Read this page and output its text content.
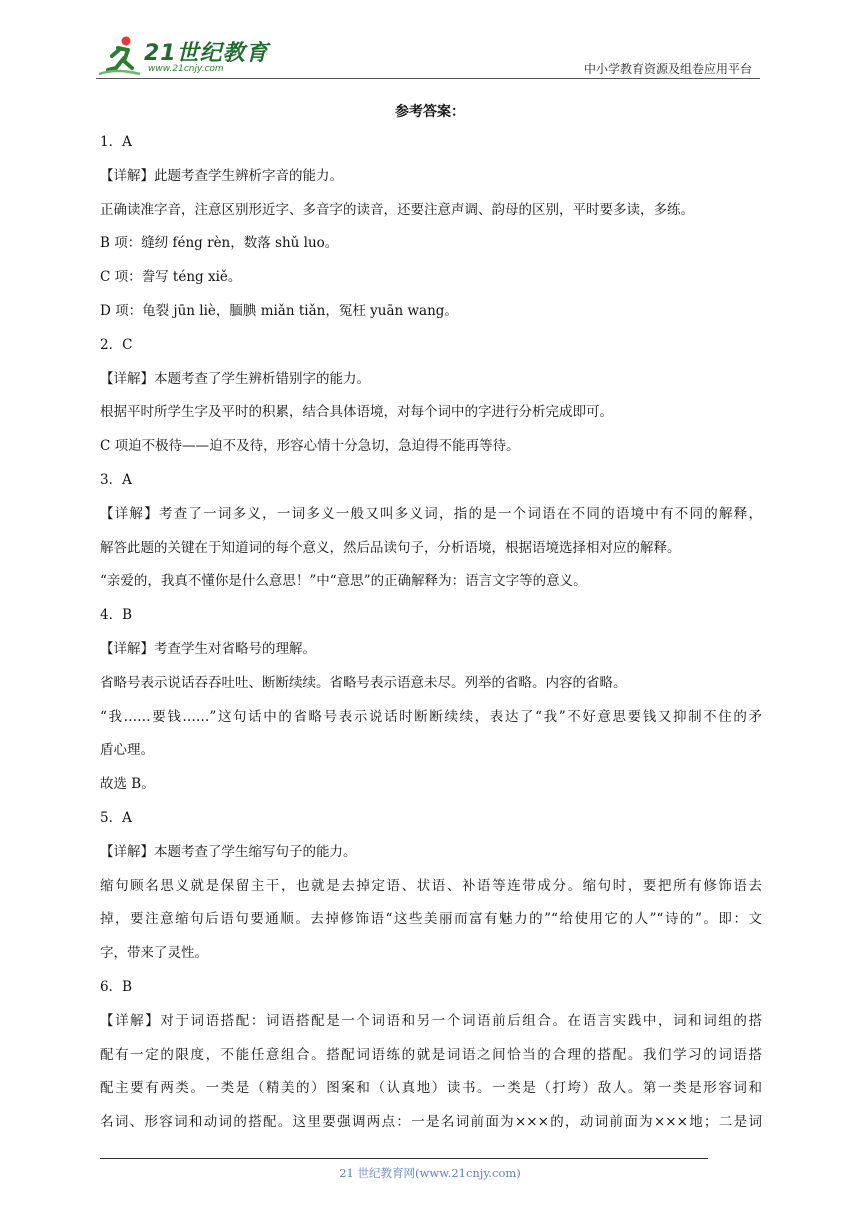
21世纪教育
www.21cnjy.com	中小学教育资源及组卷应用平台
参考答案：
1．A
【详解】此题考查学生辨析字音的能力。
正确读准字音，注意区别形近字、多音字的读音，还要注意声调、韵母的区别，平时要多读，多练。
B 项：缝纫 féng rèn，数落 shǔ luo。
C 项：誊写 téng xiě。
D 项：龟裂 jūn liè，腼腆 miǎn tiǎn，冤枉 yuān wang。
2．C
【详解】本题考查了学生辨析错别字的能力。
根据平时所学生字及平时的积累，结合具体语境，对每个词中的字进行分析完成即可。
C 项迫不极待——迫不及待，形容心情十分急切，急迫得不能再等待。
3．A
【详解】考查了一词多义，一词多义一般又叫多义词，指的是一个词语在不同的语境中有不同的解释，
解答此题的关键在于知道词的每个意义，然后品读句子，分析语境，根据语境选择相对应的解释。
“亲爱的，我真不懂你是什么意思！”中“意思”的正确解释为：语言文字等的意义。
4．B
【详解】考查学生对省略号的理解。
省略号表示说话吞吞吐吐、断断续续。省略号表示语意未尽。列举的省略。内容的省略。
“我……要钱……”这句话中的省略号表示说话时断断续续，表达了“我”不好意思要钱又抑制不住的矛
盾心理。
故选 B。
5．A
【详解】本题考查了学生缩写句子的能力。
缩句顾名思义就是保留主干，也就是去掉定语、状语、补语等连带成分。缩句时，要把所有修饰语去
掉，要注意缩句后语句要通顺。去掉修饰语“这些美丽而富有魅力的”“给使用它的人”“诗的”。即：文
字，带来了灵性。
6．B
【详解】对于词语搭配：词语搭配是一个词语和另一个词语前后组合。在语言实践中，词和词组的搭
配有一定的限度，不能任意组合。搭配词语练的就是词语之间恰当的合理的搭配。我们学习的词语搭
配主要有两类。一类是（精美的）图案和（认真地）读书。一类是（打垮）敌人。第一类是形容词和
名词、形容词和动词的搭配。这里要强调两点：一是名词前面为×××的，动词前面为×××地；二是词
21 世纪教育网(www.21cnjy.com)
